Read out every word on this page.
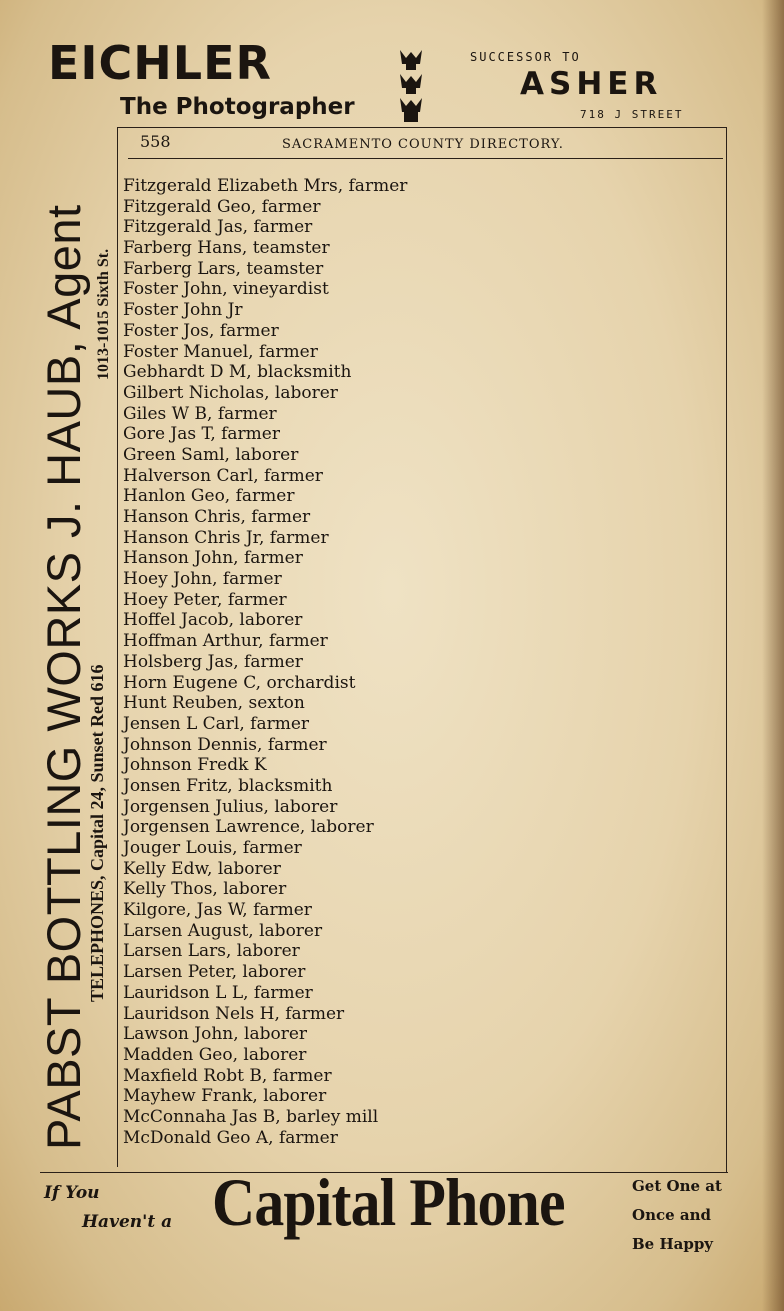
EICHLER
The Photographer
SUCCESSOR TO
ASHER
718 J STREET
558	SACRAMENTO COUNTY DIRECTORY.
PABST BOTTLING WORKS J. HAUB, Agent 1013-1015 Sixth St.
TELEPHONES, Capital 24, Sunset Red 616
Fitzgerald Elizabeth Mrs, farmer
Fitzgerald Geo, farmer
Fitzgerald Jas, farmer
Farberg Hans, teamster
Farberg Lars, teamster
Foster John, vineyardist
Foster John Jr
Foster Jos, farmer
Foster Manuel, farmer
Gebhardt D M, blacksmith
Gilbert Nicholas, laborer
Giles W B, farmer
Gore Jas T, farmer
Green Saml, laborer
Halverson Carl, farmer
Hanlon Geo, farmer
Hanson Chris, farmer
Hanson Chris Jr, farmer
Hanson John, farmer
Hoey John, farmer
Hoey Peter, farmer
Hoffel Jacob, laborer
Hoffman Arthur, farmer
Holsberg Jas, farmer
Horn Eugene C, orchardist
Hunt Reuben, sexton
Jensen L Carl, farmer
Johnson Dennis, farmer
Johnson Fredk K
Jonsen Fritz, blacksmith
Jorgensen Julius, laborer
Jorgensen Lawrence, laborer
Jouger Louis, farmer
Kelly Edw, laborer
Kelly Thos, laborer
Kilgore, Jas W, farmer
Larsen August, laborer
Larsen Lars, laborer
Larsen Peter, laborer
Lauridson L L, farmer
Lauridson Nels H, farmer
Lawson John, laborer
Madden Geo, laborer
Maxfield Robt B, farmer
Mayhew Frank, laborer
McConnaha Jas B, barley mill
McDonald Geo A, farmer
If You
Haven't a Capital Phone	Get One at
Once and
Be Happy
